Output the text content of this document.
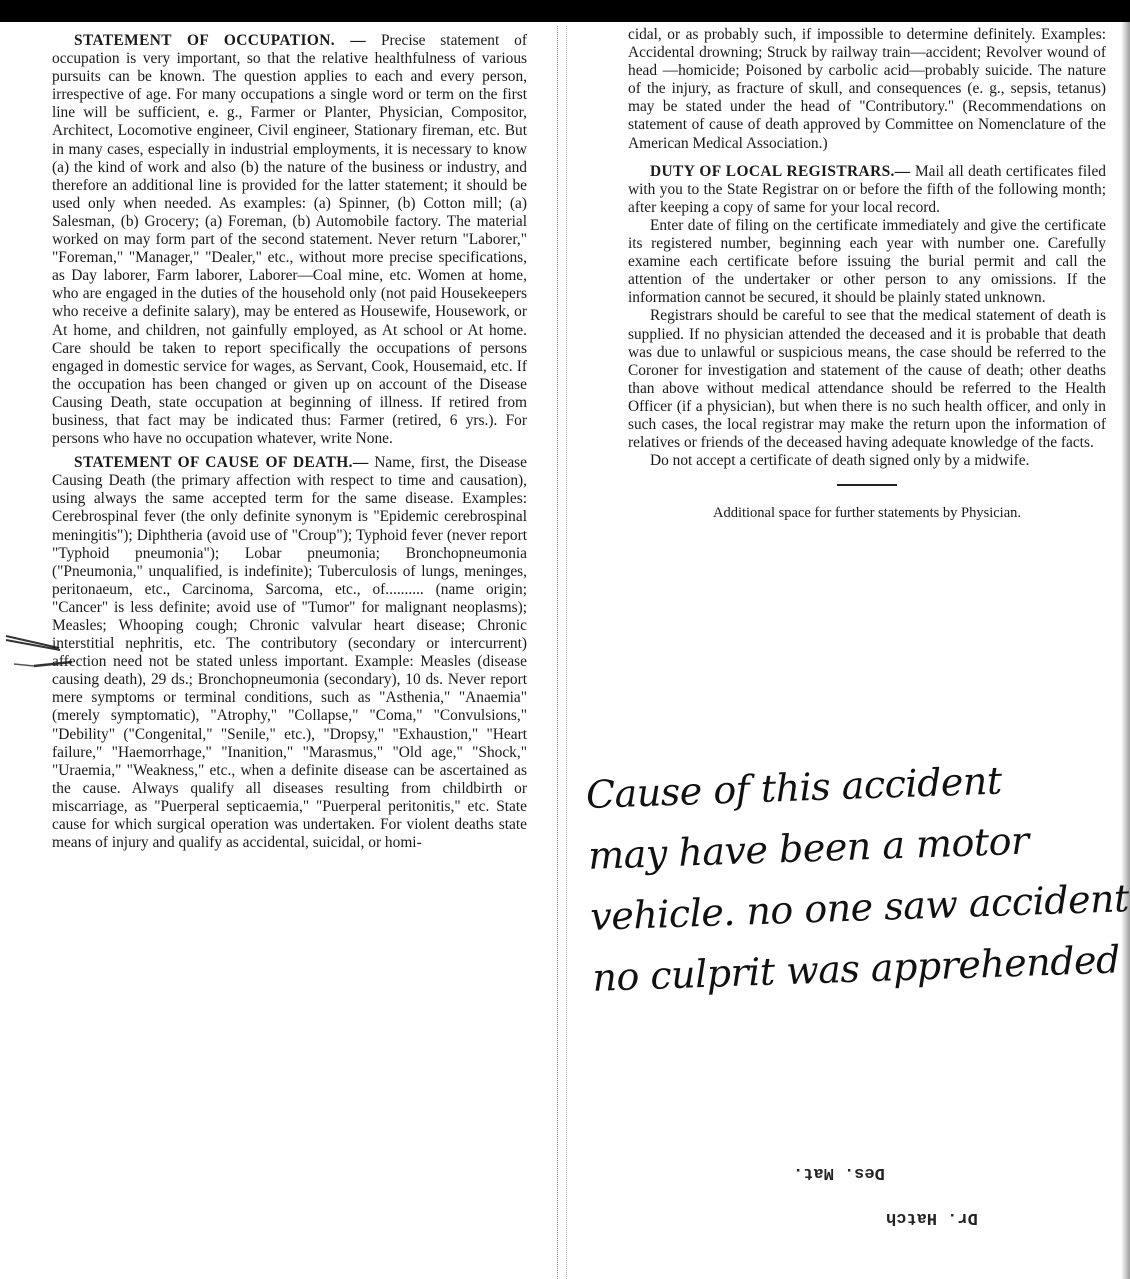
STATEMENT OF OCCUPATION. — Precise statement of occupation is very important, so that the relative healthfulness of various pursuits can be known. The question applies to each and every person, irrespective of age. For many occupations a single word or term on the first line will be sufficient, e. g., Farmer or Planter, Physician, Compositor, Architect, Locomotive engineer, Civil engineer, Stationary fireman, etc. But in many cases, especially in industrial employments, it is necessary to know (a) the kind of work and also (b) the nature of the business or industry, and therefore an additional line is provided for the latter statement; it should be used only when needed. As examples: (a) Spinner, (b) Cotton mill; (a) Salesman, (b) Grocery; (a) Foreman, (b) Automobile factory. The material worked on may form part of the second statement. Never return "Laborer," "Foreman," "Manager," "Dealer," etc., without more precise specifications, as Day laborer, Farm laborer, Laborer—Coal mine, etc. Women at home, who are engaged in the duties of the household only (not paid Housekeepers who receive a definite salary), may be entered as Housewife, Housework, or At home, and children, not gainfully employed, as At school or At home. Care should be taken to report specifically the occupations of persons engaged in domestic service for wages, as Servant, Cook, Housemaid, etc. If the occupation has been changed or given up on account of the Disease Causing Death, state occupation at beginning of illness. If retired from business, that fact may be indicated thus: Farmer (retired, 6 yrs.). For persons who have no occupation whatever, write None.

STATEMENT OF CAUSE OF DEATH.— Name, first, the Disease Causing Death (the primary affection with respect to time and causation), using always the same accepted term for the same disease. Examples: Cerebrospinal fever (the only definite synonym is "Epidemic cerebrospinal meningitis"); Diphtheria (avoid use of "Croup"); Typhoid fever (never report "Typhoid pneumonia"); Lobar pneumonia; Bronchopneumonia ("Pneumonia," unqualified, is indefinite); Tuberculosis of lungs, meninges, peritonaeum, etc., Carcinoma, Sarcoma, etc., of.......... (name origin; "Cancer" is less definite; avoid use of "Tumor" for malignant neoplasms); Measles; Whooping cough; Chronic valvular heart disease; Chronic interstitial nephritis, etc. The contributory (secondary or intercurrent) affection need not be stated unless important. Example: Measles (disease causing death), 29 ds.; Bronchopneumonia (secondary), 10 ds. Never report mere symptoms or terminal conditions, such as "Asthenia," "Anaemia" (merely symptomatic), "Atrophy," "Collapse," "Coma," "Convulsions," "Debility" ("Congenital," "Senile," etc.), "Dropsy," "Exhaustion," "Heart failure," "Haemorrhage," "Inanition," "Marasmus," "Old age," "Shock," "Uraemia," "Weakness," etc., when a definite disease can be ascertained as the cause. Always qualify all diseases resulting from childbirth or miscarriage, as "Puerperal septicaemia," "Puerperal peritonitis," etc. State cause for which surgical operation was undertaken. For violent deaths state means of injury and qualify as accidental, suicidal, or homi-

cidal, or as probably such, if impossible to determine definitely. Examples: Accidental drowning; Struck by railway train—accident; Revolver wound of head —homicide; Poisoned by carbolic acid—probably suicide. The nature of the injury, as fracture of skull, and consequences (e. g., sepsis, tetanus) may be stated under the head of "Contributory." (Recommendations on statement of cause of death approved by Committee on Nomenclature of the American Medical Association.)

DUTY OF LOCAL REGISTRARS.— Mail all death certificates filed with you to the State Registrar on or before the fifth of the following month; after keeping a copy of same for your local record.

Enter date of filing on the certificate immediately and give the certificate its registered number, beginning each year with number one. Carefully examine each certificate before issuing the burial permit and call the attention of the undertaker or other person to any omissions. If the information cannot be secured, it should be plainly stated unknown.

Registrars should be careful to see that the medical statement of death is supplied. If no physician attended the deceased and it is probable that death was due to unlawful or suspicious means, the case should be referred to the Coroner for investigation and statement of the cause of death; other deaths than above without medical attendance should be referred to the Health Officer (if a physician), but when there is no such health officer, and only in such cases, the local registrar may make the return upon the information of relatives or friends of the deceased having adequate knowledge of the facts.

Do not accept a certificate of death signed only by a midwife.

Additional space for further statements by Physician.

Cause of this accident
may have been a motor
vehicle. no one saw accident
no culprit was apprehended
Des. Mat.
Dr. Hatch
